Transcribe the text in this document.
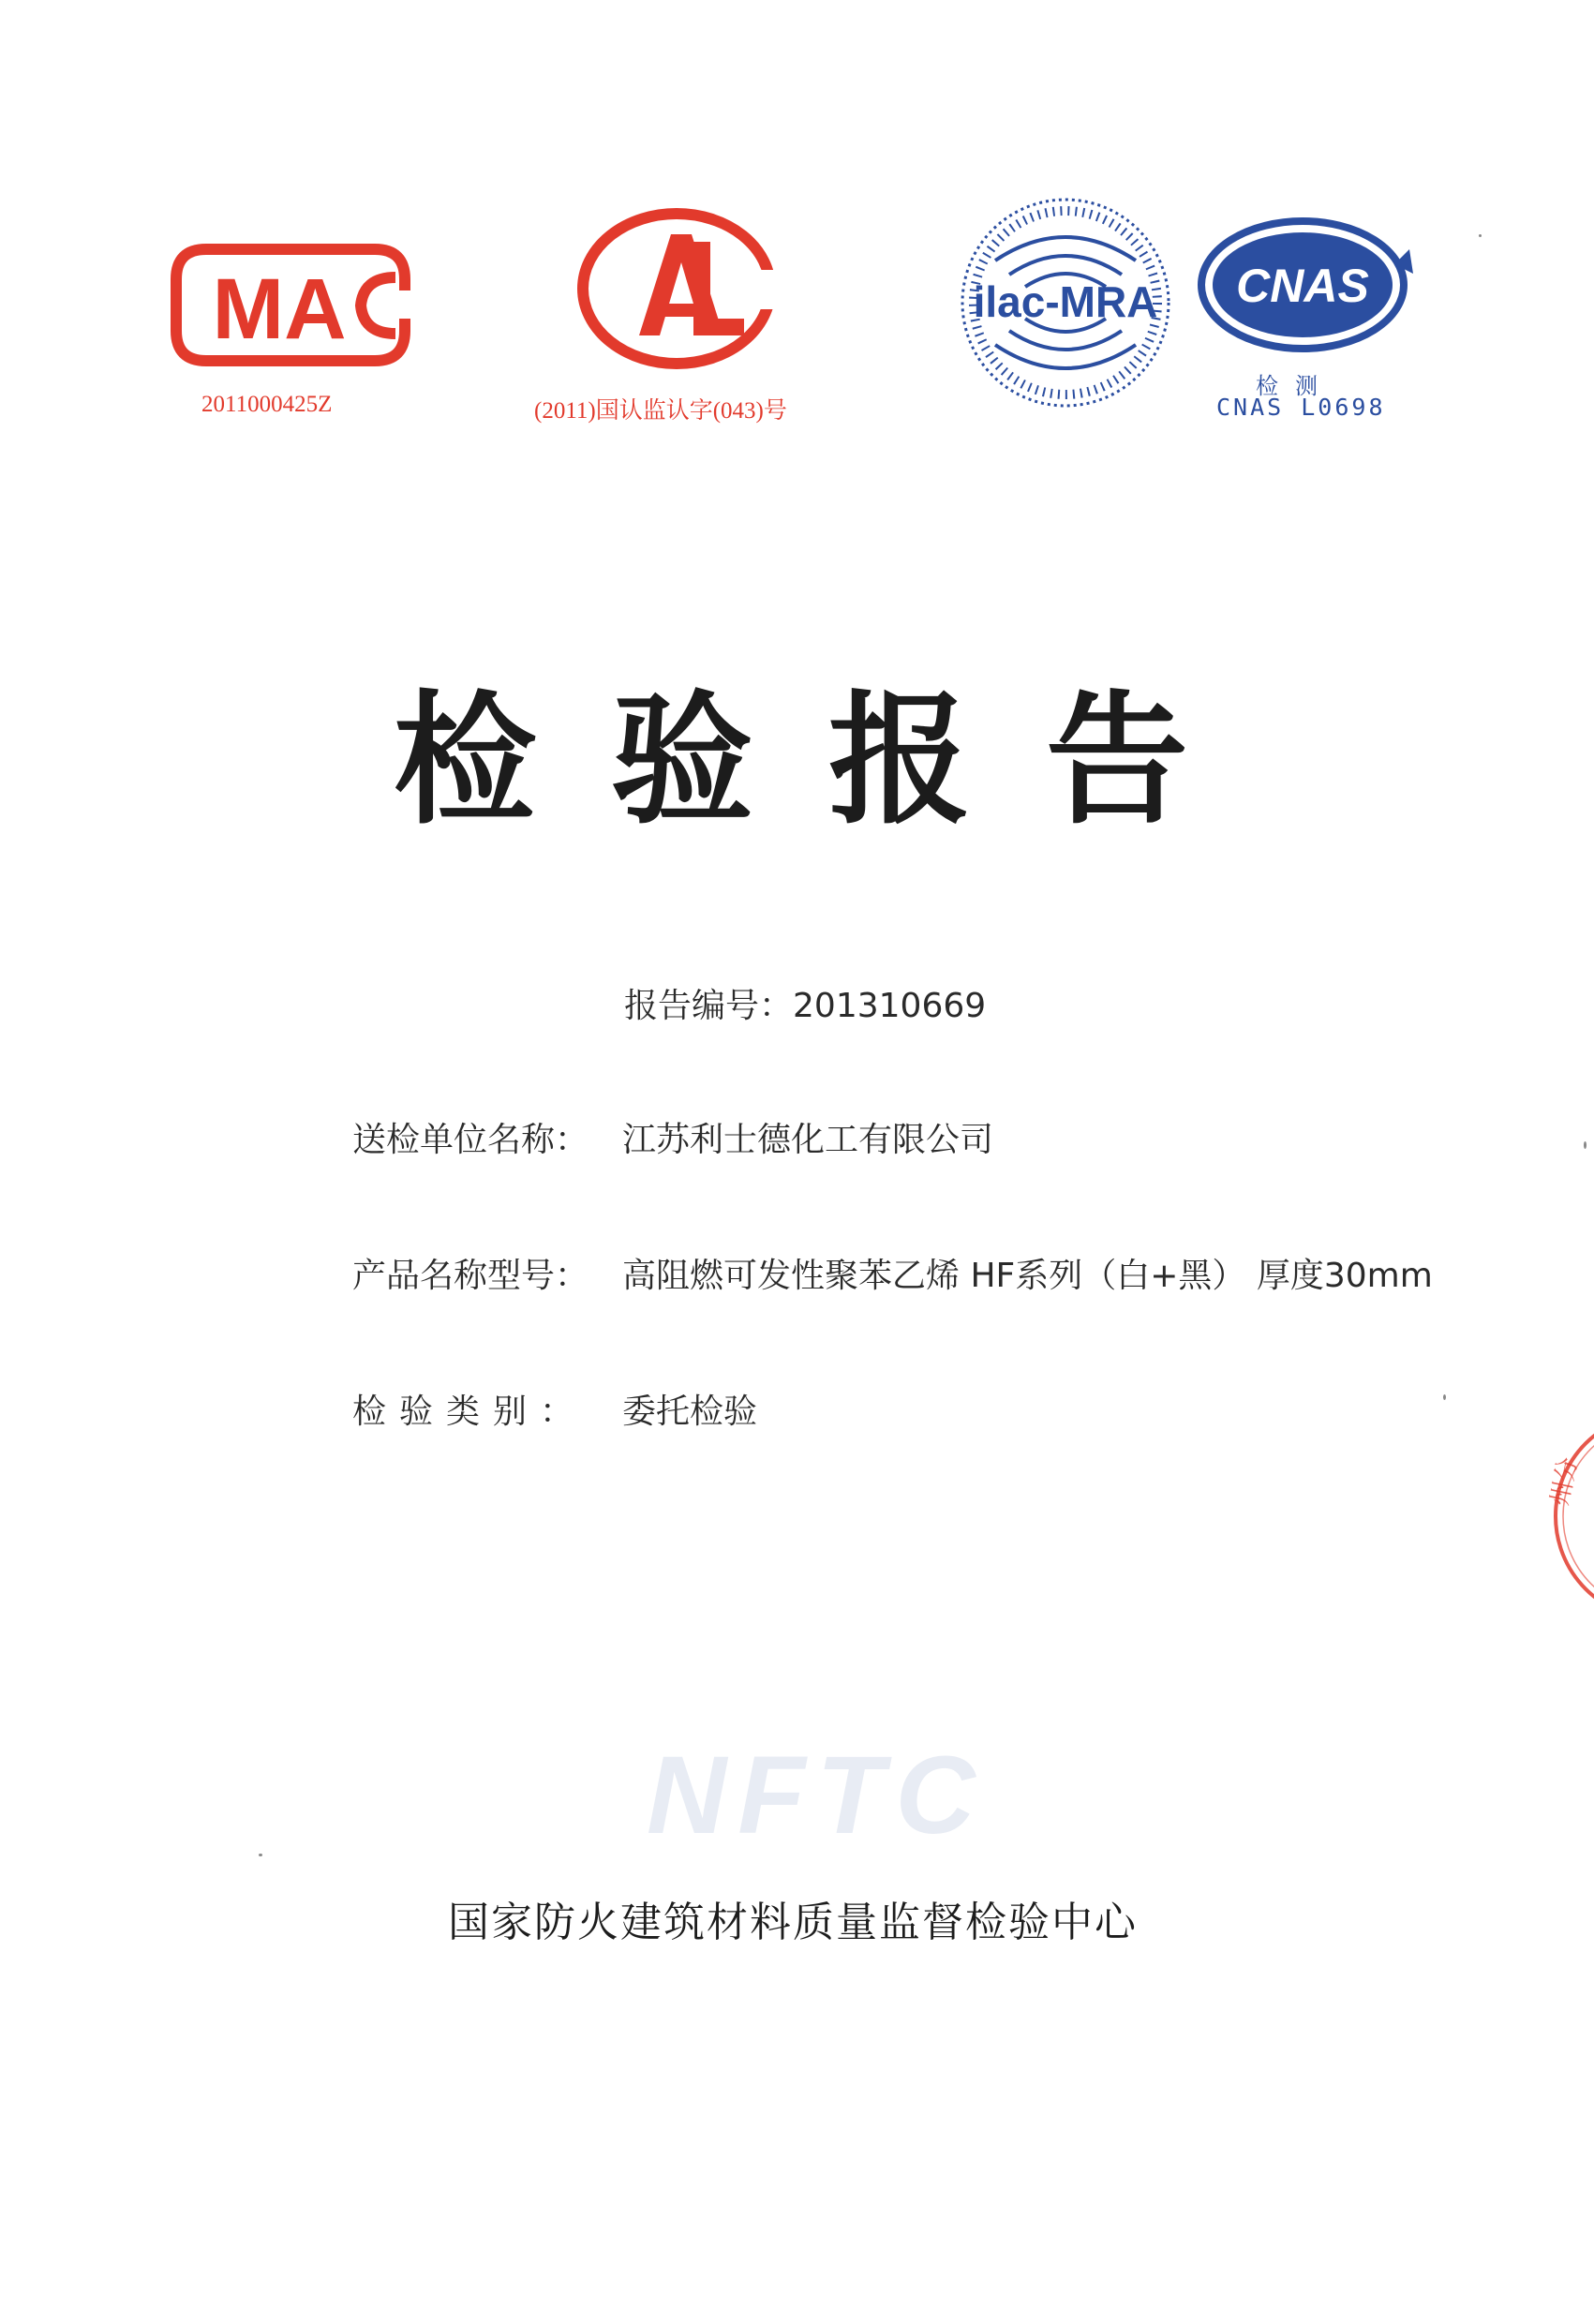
MA
2011000425Z	(2011)国认监认字(043)号
ilac-MRA CNAS
检测
CNAS L0698
检验报告
报告编号：201310669
送检单位名称： 江苏利士德化工有限公司
产品名称型号： 高阻燃可发性聚苯乙烯 HF系列（白+黑） 厚度30mm
检验类别： 委托检验
NFTC
国家防火建筑材料质量监督检验中心
州分
